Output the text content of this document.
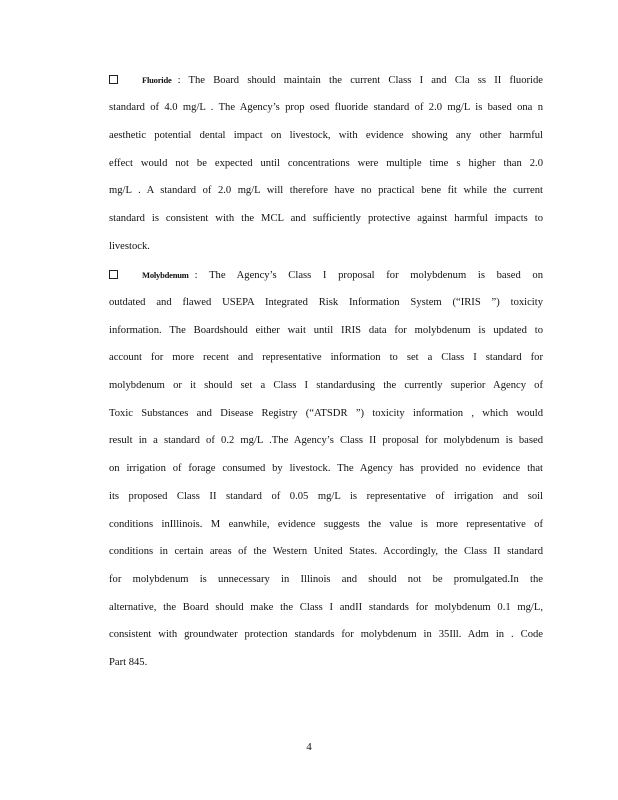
Fluoride : The Board should maintain the current Class I and Cla ss II fluoride
standard of 4.0 mg/L . The Agency’s prop osed fluoride standard of 2.0 mg/L is based ona n
aesthetic potential dental impact on livestock, with evidence showing any other harmful
effect would not be expected until concentrations were multiple time s higher than 2.0
mg/L . A standard of 2.0 mg/L will therefore have no practical bene fit while the current
standard is consistent with the MCL and sufficiently protective against harmful impacts to
livestock.
Molybdenum : The Agency’s Class I proposal for molybdenum is based on
outdated and flawed USEPA Integrated Risk Information System (“IRIS ”) toxicity
information. The Boardshould either wait until IRIS data for molybdenum is updated to
account for more recent and representative information to set a Class I standard for
molybdenum or it should set a Class I standardusing the currently superior Agency of
Toxic Substances and Disease Registry (“ATSDR ”) toxicity information , which would
result in a standard of 0.2 mg/L .The Agency’s Class II proposal for molybdenum is based
on irrigation of forage consumed by livestock. The Agency has provided no evidence that
its proposed Class II standard of 0.05 mg/L is representative of irrigation and soil
conditions inIllinois. M eanwhile, evidence suggests the value is more representative of
conditions in certain areas of the Western United States. Accordingly, the Class II standard
for molybdenum is unnecessary in Illinois and should not be promulgated.In the
alternative, the Board should make the Class I andII standards for molybdenum 0.1 mg/L,
consistent with groundwater protection standards for molybdenum in 35Ill. Adm in . Code
Part 845.
4
